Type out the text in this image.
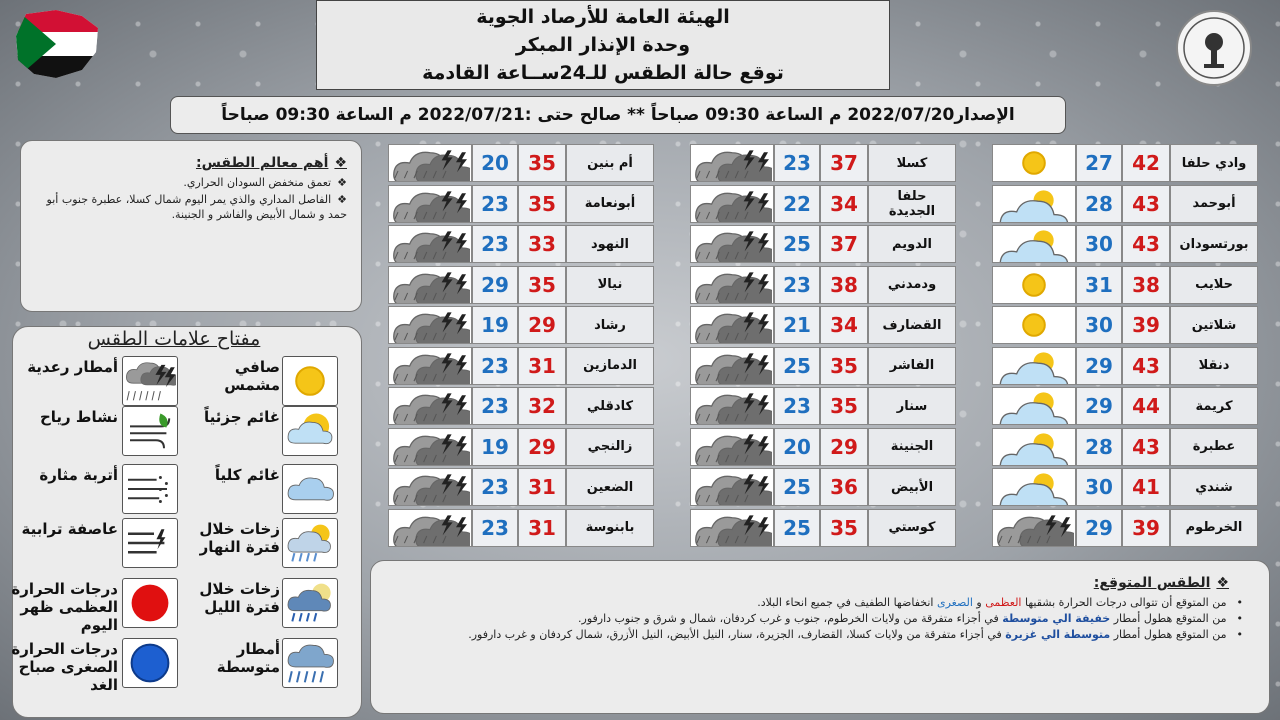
الهيئة العامة للأرصاد الجوية
وحدة الإنذار المبكر
توقع حالة الطقس للـ24ســاعة القادمة
الإصدار2022/07/20 م الساعة 09:30 صباحاً ** صالح حتى :2022/07/21 م الساعة 09:30 صباحاً
❖أهم معالم الطقس:
❖تعمق منخفض السودان الحراري.
❖الفاصل المداري والذي يمر اليوم شمال كسلا، عطبرة جنوب أبو حمد و شمال الأبيض والفاشر و الجنينة.
مفتاح علامات الطقس
صافي
مشمس
أمطار رعدية
غائم جزئياً
نشاط رياح
غائم كلياً
أتربة مثارة
زخات خلال
فترة النهار
عاصفة ترابية
زخات خلال
فترة الليل
درجات الحرارة
العظمى ظهر
اليوم
أمطار
متوسطة
درجات الحرارة
الصغرى صباح
الغد
27 42	وادي حلفا
28 43	أبوحمد
30 43	بورتسودان
31 38	حلايب
30 39	شلاتين
29 43	دنقلا
29 44	كريمة
28 43	عطبرة
30 41	شندي
29 39	الخرطوم
23 37	كسلا
22 34	حلفا
الجديدة
25 37	الدويم
23 38	ودمدني
21 34	القضارف
25 35	الفاشر
23 35	سنار
20 29	الجنينة
25 36	الأبيض
25 35	كوستي
20 35	أم بنين
23 35	أبونعامة
23 33	النهود
29 35	نيالا
19 29	رشاد
23 31	الدمازين
23 32	كادقلي
19 29	زالنجي
23 31	الضعين
23 31	بابنوسة
❖الطقس المتوقع:
• من المتوقع أن تتوالى درجات الحرارة بشقيها العظمى و الصغرى انخفاضها الطفيف في جميع انحاء البلاد.
• من المتوقع هطول أمطار خفيفة الي متوسطة في أجزاء متفرقة من ولايات الخرطوم، جنوب و غرب كردفان، شمال و شرق و جنوب دارفور.
• من المتوقع هطول أمطار متوسطة الي غزيرة في أجزاء متفرقة من ولايات كسلا، القضارف، الجزيرة، سنار، النيل الأبيض، النيل الأزرق، شمال كردفان و غرب دارفور.
